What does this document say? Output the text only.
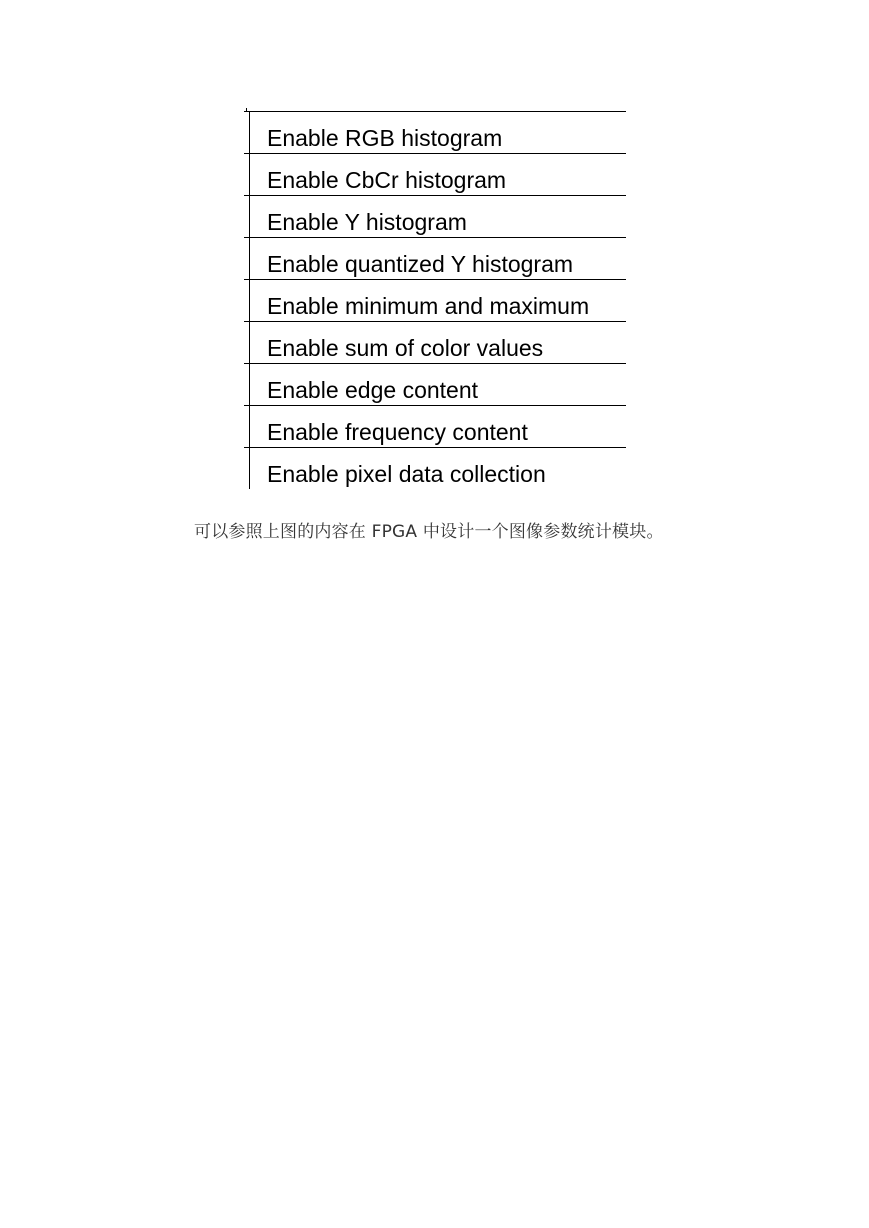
Enable RGB histogram
Enable CbCr histogram
Enable Y histogram
Enable quantized Y histogram
Enable minimum and maximum
Enable sum of color values
Enable edge content
Enable frequency content
Enable pixel data collection

可以参照上图的内容在 FPGA 中设计一个图像参数统计模块。
